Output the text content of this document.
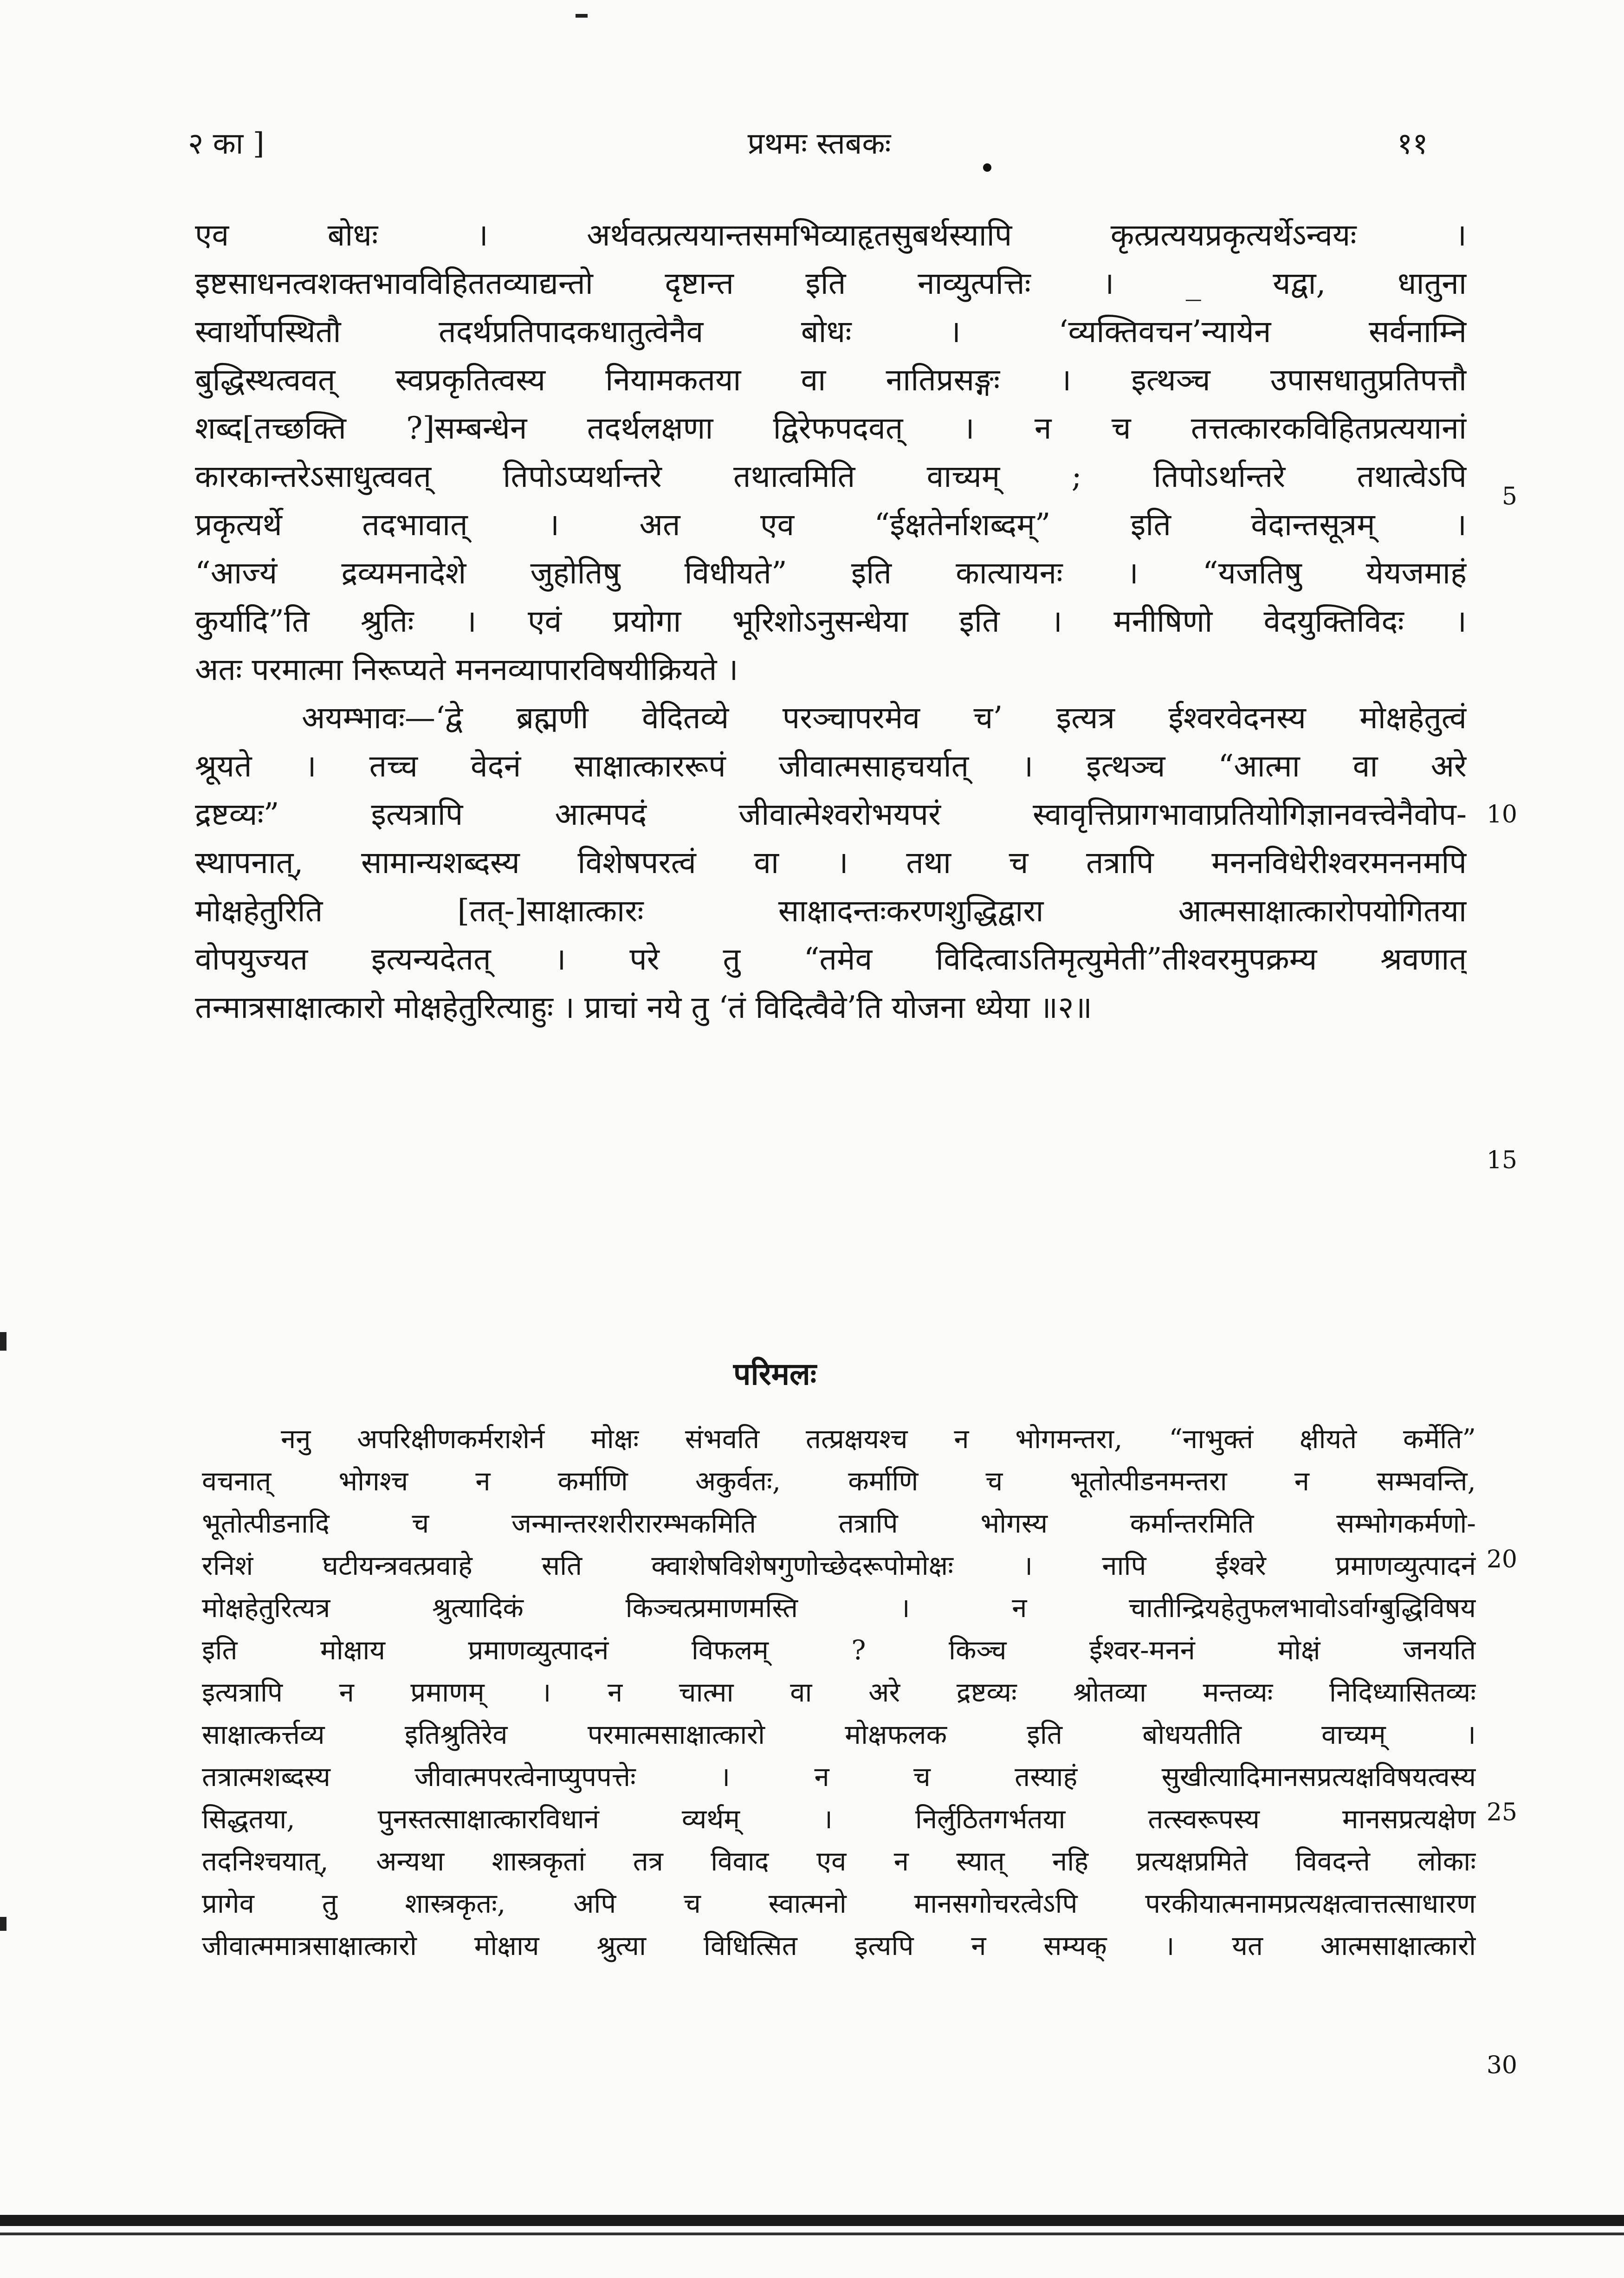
२ का ]	प्रथमः स्तबकः	११
एव बोधः । अर्थवत्प्रत्ययान्तसमभिव्याहृतसुबर्थस्यापि कृत्प्रत्ययप्रकृत्यर्थेऽन्वयः ।
इष्टसाधनत्वशक्तभावविहिततव्याद्यन्तो दृष्टान्त इति नाव्युत्पत्तिः । _ यद्वा, धातुना
स्वार्थोपस्थितौ तदर्थप्रतिपादकधातुत्वेनैव बोधः । ‘व्यक्तिवचन’न्यायेन सर्वनाम्नि
बुद्धिस्थत्ववत् स्वप्रकृतित्वस्य नियामकतया वा नातिप्रसङ्गः । इत्थञ्च उपासधातुप्रतिपत्तौ
शब्द[तच्छक्ति ?]सम्बन्धेन तदर्थलक्षणा द्विरेफपदवत् । न च तत्तत्कारकविहितप्रत्ययानां
कारकान्तरेऽसाधुत्ववत् तिपोऽप्यर्थान्तरे तथात्वमिति वाच्यम् ; तिपोऽर्थान्तरे तथात्वेऽपि
प्रकृत्यर्थे तदभावात् । अत एव “ईक्षतेर्नाशब्दम्” इति वेदान्तसूत्रम् ।
“आज्यं द्रव्यमनादेशे जुहोतिषु विधीयते” इति कात्यायनः । “यजतिषु येयजमाहं
कुर्यादि”ति श्रुतिः । एवं प्रयोगा भूरिशोऽनुसन्धेया इति । मनीषिणो वेदयुक्तिविदः ।
अतः परमात्मा निरूप्यते मननव्यापारविषयीक्रियते ।
अयम्भावः—‘द्वे ब्रह्मणी वेदितव्ये परञ्चापरमेव च’ इत्यत्र ईश्वरवेदनस्य मोक्षहेतुत्वं
श्रूयते । तच्च वेदनं साक्षात्काररूपं जीवात्मसाहचर्यात् । इत्थञ्च “आत्मा वा अरे
द्रष्टव्यः” इत्यत्रापि आत्मपदं जीवात्मेश्वरोभयपरं स्वावृत्तिप्रागभावाप्रतियोगिज्ञानवत्त्वेनैवोप-
स्थापनात्, सामान्यशब्दस्य विशेषपरत्वं वा । तथा च तत्रापि मननविधेरीश्वरमननमपि
मोक्षहेतुरिति [तत्-]साक्षात्कारः साक्षादन्तःकरणशुद्धिद्वारा आत्मसाक्षात्कारोपयोगितया
वोपयुज्यत इत्यन्यदेतत् । परे तु “तमेव विदित्वाऽतिमृत्युमेती”तीश्वरमुपक्रम्य श्रवणात्
तन्मात्रसाक्षात्कारो मोक्षहेतुरित्याहुः । प्राचां नये तु ‘तं विदित्वैवे’ति योजना ध्येया ॥२॥
5
10
15
परिमलः
ननु अपरिक्षीणकर्मराशेर्न मोक्षः संभवति तत्प्रक्षयश्च न भोगमन्तरा, “नाभुक्तं क्षीयते कर्मेति”
वचनात् भोगश्च न कर्माणि अकुर्वतः, कर्माणि च भूतोत्पीडनमन्तरा न सम्भवन्ति,
भूतोत्पीडनादि च जन्मान्तरशरीरारम्भकमिति तत्रापि भोगस्य कर्मान्तरमिति सम्भोगकर्मणो-
रनिशं घटीयन्त्रवत्प्रवाहे सति क्वाशेषविशेषगुणोच्छेदरूपोमोक्षः । नापि ईश्वरे प्रमाणव्युत्पादनं
मोक्षहेतुरित्यत्र श्रुत्यादिकं किञ्चत्प्रमाणमस्ति । न चातीन्द्रियहेतुफलभावोऽर्वाग्बुद्धिविषय
इति मोक्षाय प्रमाणव्युत्पादनं विफलम् ? किञ्च ईश्वर-मननं मोक्षं जनयति
इत्यत्रापि न प्रमाणम् । न चात्मा वा अरे द्रष्टव्यः श्रोतव्या मन्तव्यः निदिध्यासितव्यः
साक्षात्कर्त्तव्य इतिश्रुतिरेव परमात्मसाक्षात्कारो मोक्षफलक इति बोधयतीति वाच्यम् ।
तत्रात्मशब्दस्य जीवात्मपरत्वेनाप्युपपत्तेः । न च तस्याहं सुखीत्यादिमानसप्रत्यक्षविषयत्वस्य
सिद्धतया, पुनस्तत्साक्षात्कारविधानं व्यर्थम् । निर्लुठितगर्भतया तत्स्वरूपस्य मानसप्रत्यक्षेण
तदनिश्चयात्, अन्यथा शास्त्रकृतां तत्र विवाद एव न स्यात् नहि प्रत्यक्षप्रमिते विवदन्ते लोकाः
प्रागेव तु शास्त्रकृतः, अपि च स्वात्मनो मानसगोचरत्वेऽपि परकीयात्मनामप्रत्यक्षत्वात्तत्साधारण
जीवात्ममात्रसाक्षात्कारो मोक्षाय श्रुत्या विधित्सित इत्यपि न सम्यक् । यत आत्मसाक्षात्कारो
20
25
30
